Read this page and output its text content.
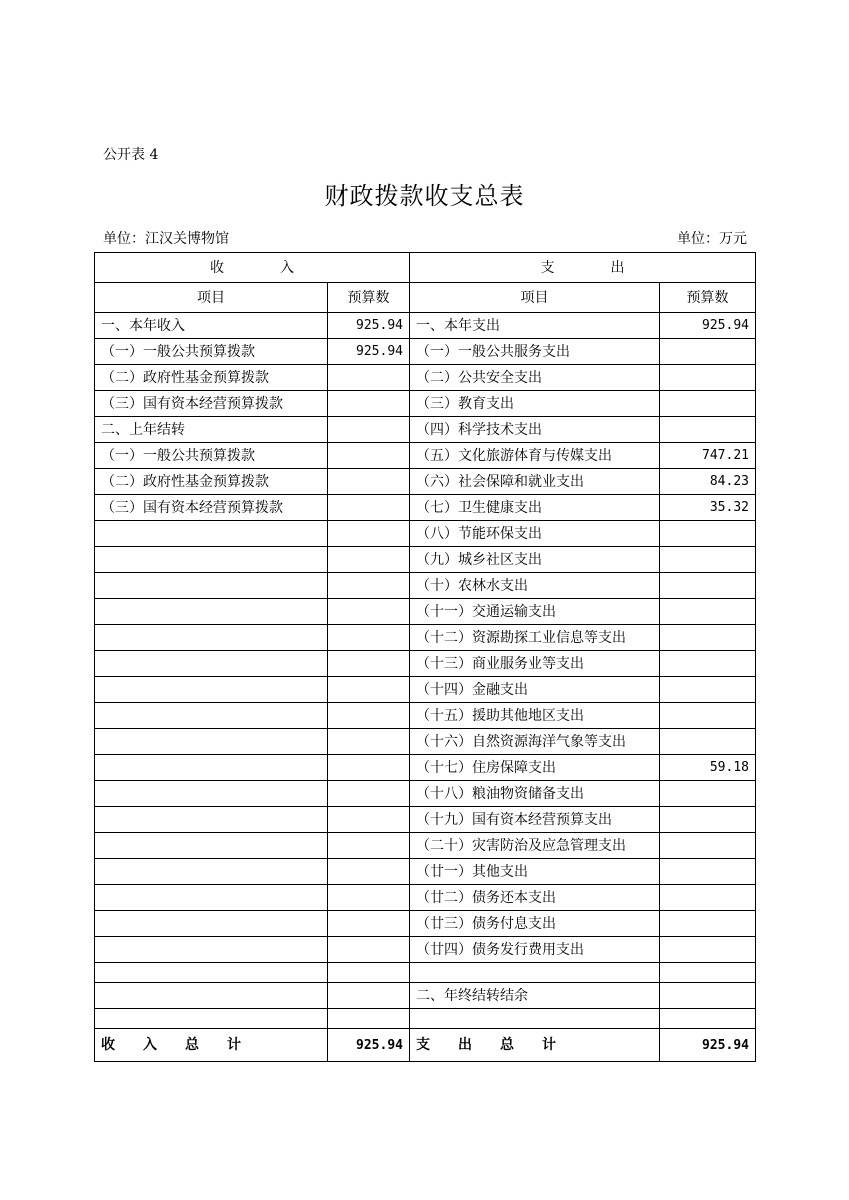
公开表 4
财政拨款收支总表
单位：江汉关博物馆	单位：万元
收　　　　入		支　　　　出	
项目	预算数	项目	预算数
一、本年收入	925.94	一、本年支出	925.94
（一）一般公共预算拨款	925.94	（一）一般公共服务支出	
（二）政府性基金预算拨款		（二）公共安全支出	
（三）国有资本经营预算拨款		（三）教育支出	
二、上年结转		（四）科学技术支出	
（一）一般公共预算拨款		（五）文化旅游体育与传媒支出	747.21
（二）政府性基金预算拨款		（六）社会保障和就业支出	84.23
（三）国有资本经营预算拨款		（七）卫生健康支出	35.32
		（八）节能环保支出	
		（九）城乡社区支出	
		（十）农林水支出	
		（十一）交通运输支出	
		（十二）资源勘探工业信息等支出	
		（十三）商业服务业等支出	
		（十四）金融支出	
		（十五）援助其他地区支出	
		（十六）自然资源海洋气象等支出	
		（十七）住房保障支出	59.18
		（十八）粮油物资储备支出	
		（十九）国有资本经营预算支出	
		（二十）灾害防治及应急管理支出	
		（廿一）其他支出	
		（廿二）债务还本支出	
		（廿三）债务付息支出	
		（廿四）债务发行费用支出	

		二、年终结转结余	

收　　入　　总　　计	925.94	支　　出　　总　　计	925.94
